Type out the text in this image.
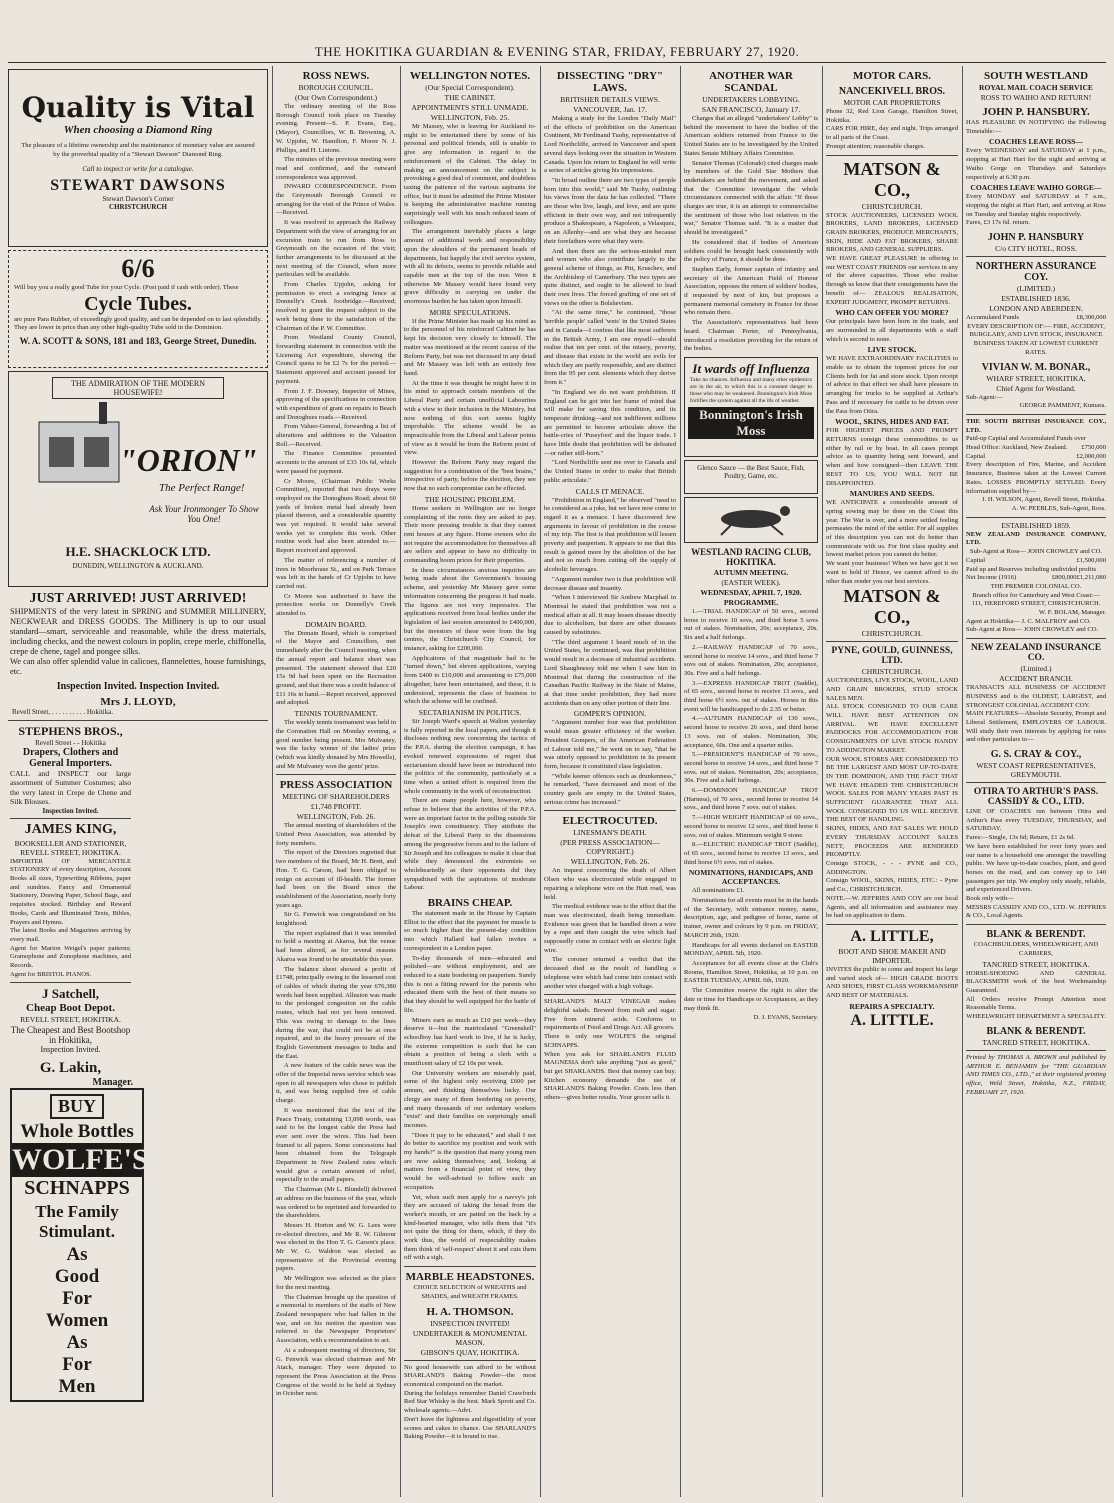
THE HOKITIKA GUARDIAN & EVENING STAR, FRIDAY, FEBRUARY 27, 1920.
Quality is Vital
When choosing a Diamond Ring
The pleasure of a lifetime ownership and the maintenance of monetary value are assured by the proverbial quality of a "Stewart Dawson" Diamond Ring.
Call to inspect or write for a catalogue.
STEWART DAWSONS
Stewart Dawson's Corner
CHRISTCHURCH
6/6
Will buy you a really good Tube for your Cycle. (Post paid if cash with order). These
Cycle Tubes.
are pure Para Rubber, of exceedingly good quality, and can be depended on to last splendidly. They are lower in price than any other high-quality Tube sold in the Dominion.
W. A. SCOTT & SONS, 181 and 183, George Street, Dunedin.
THE ADMIRATION OF THE MODERN HOUSEWIFE!
"ORION"
The Perfect Range!
Ask Your Ironmonger To Show You One!
H.E. SHACKLOCK LTD.
DUNEDIN, WELLINGTON & AUCKLAND.
JUST ARRIVED! JUST ARRIVED!
SHIPMENTS of the very latest in SPRING and SUMMER MILLINERY, NECKWEAR and DRESS GOODS. The Millinery is up to our usual standard—smart, serviceable and reasonable, while the dress materials, including checks, and the newest colours in poplin, crepe merle, chiffonella, crepe de chene, tagel and pongee silks.
We can also offer splendid value in calicoes, flannelettes, house furnishings, etc.
Inspection Invited. Inspection Invited.
Mrs J. LLOYD,
Revell Street, . . . . . . . . . . Hokitika.
STEPHENS BROS.,
Revell Street - - Hokitika
Drapers, Clothers and General Importers.
CALL and INSPECT our large assortment of Summer Costumes; also the very latest in Crepe de Chene and Silk Blouses.
Inspection Invited.
JAMES KING,
BOOKSELLER AND STATIONER, REVELL STREET, HOKITIKA.
IMPORTER OF MERCANTILE STATIONERY of every description, Account Books all sizes, Typewriting Ribbons, paper and sundries. Fancy and Ornamental Stationery, Drawing Paper, School Bags, and requisites stocked. Birthday and Reward Books, Cards and Illuminated Texts, Bibles, Prayers and Hymns.
The latest Books and Magazines arriving by every mail.
Agent for Marion Weigel's paper patterns; Gramophone and Zonophone machines, and Records.
Agent for BRISTOL PIANOS.
J Satchell,
Cheap Boot Depot.
REVELL STREET, HOKITIKA.
The Cheapest and Best Bootshop in Hokitika,
Inspection Invited.
G. Lakin,
Manager.
BUY
Whole Bottles
WOLFE'S
SCHNAPPS
The Family Stimulant.
As
Good
For
Women
As
For
Men
ROSS NEWS.
BOROUGH COUNCIL.
(Our Own Correspondent.)

The ordinary meeting of the Ross Borough Council took place on Tuesday evening. Present—S. P. Evans, Esq., (Mayor), Councillors, W. B. Browning, A. W. Upjohn, W. Hamilton, F. Moore N. J. Phillips, and H. Lintone.

The minutes of the previous meeting were read and confirmed, and the outward correspondence was approved.

INWARD CORRESPONDENCE. From the Greymouth Borough Council re arranging for the visit of the Prince of Wales.—Received.

It was resolved to approach the Railway Department with the view of arranging for an excursion train to run from Ross to Greymouth on the occasion of the visit; further arrangements to be discussed at the next meeting of the Council, when more particulars will be available.

From Charles Upjohn, asking for permission to erect a swinging fence at Donnelly's Creek footbridge.—Received; resolved to grant the request subject to the work being done to the satisfaction of the Chairman of the P. W. Committee.

From Westland County Council, forwarding statement in connection with the Licensing Act expenditure, showing the Council quota to be £2 7s for the period.—Statement approved and account passed for payment.

From J. F. Downey, Inspector of Mines, approving of the specifications in connection with expenditure of grant on repairs to Beach and Donoghues roads.—Received.

From Valuer-General, forwarding a list of alterations and additions to the Valuation Roll.—Received.

The Finance Committee presented accounts to the amount of £33 10s 6d, which were passed for payment.

Cr Moore, (Chairman Public Works Committee), reported that two drays were employed on the Donoghues Road; about 60 yards of broken metal had already been placed thereon, and a considerable quantity was yet required. It would take several weeks yet to complete this work. Other routine work had also been attended to.—Report received and approved.

The matter of referencing a number of trees in Moorhouse St., and on Park Terrace was left in the hands of Cr Upjohn to have carried out.

Cr Moore was authorised to have the protection works on Donnelly's Creek attended to.

DOMAIN BOARD.

The Domain Board, which is comprised of the Mayor and Councillors, met immediately after the Council meeting, when the annual report and balance sheet was presented. The statement showed that £20 15s 9d had been spent on the Recreation ground, and that there was a credit balance of £11 16s in hand.—Report received, approved and adopted.

TENNIS TOURNAMENT.

The weekly tennis tournament was held in the Coronation Hall on Monday evening, a good number being present. Mrs Mulvaney, was the lucky winner of the ladies' prize (which was kindly donated by Mrs Howells), and Mr Mulvaney won the gents' prize.

PRESS ASSOCIATION
MEETING OF SHAREHOLDERS
£1,748 PROFIT.
WELLINGTON, Feb. 26.

The annual meeting of shareholders of the United Press Association, was attended by forty members.

The report of the Directors regretted that two members of the Board, Mr H. Brett, and Hon. T. G. Carson, had been obliged to resign on account of ill-health. The former had been on the Board since the establishment of the Association, nearly forty years ago.

Sir G. Fenwick was congratulated on his knighthood.

The report explained that it was intended to hold a meeting at Akaroa, but the venue had been altered, as for several reasons Akaroa was found to be unsuitable this year.

The balance sheet showed a profit of £1748, principally owing to the lessened cost of cables of which during the year 676,380 words had been supplied. Allusion was made to the prolonged congestion on the cable routes, which had not yet been removed. This was owing to damage to the lines during the war, that could not be at once repaired, and to the heavy pressure of the English Government messages to India and the East.

A new feature of the cable news was the offer of the Imperial news service which was open to all newspapers who chose to publish it, and was being supplied free of cable charge.

It was mentioned that the text of the Peace Treaty, containing 13,098 words, was said to be the longest cable the Press had ever sent over the wires. This had been framed to all papers. Some concessions had been obtained from the Telegraph Department in New Zealand rates which would give a certain amount of relief, especially to the small papers.

The Chairman (Mr L. Blundell) delivered an address on the business of the year, which was ordered to be reprinted and forwarded to the shareholders.

Messrs H. Horton and W. G. Lees were re-elected directors, and Mr R. W. Gilmour was elected in the Hon T. G. Carson's place. Mr W. G. Waldron was elected as representative of the Provincial evening papers.

Mr Wellington was selected as the place for the next meeting.

The Chairman brought up the question of a memorial to members of the staffs of New Zealand newspapers who had fallen in the war, and on his motion the question was referred to the Newspaper Proprietors' Association, with a recommendation to act.

At a subsequent meeting of directors, Sir G. Fenwick was elected chairman and Mr Atack, manager. They were deputed to represent the Press Association at the Press Congress of the world to be held at Sydney in October next.

WELLINGTON NOTES.
(Our Special Correspondent).
THE CABINET.
APPOINTMENTS STILL UNMADE.
WELLINGTON, Feb. 25.

Mr Massey, who is leaving for Auckland to-night to be entertained there by some of his personal and political friends, still is unable to give any information in regard to the reinforcement of the Cabinet. The delay in making an announcement on the subject is provoking a good deal of comment, and doubtless taxing the patience of the various aspirants for office, but it must be admitted the Prime Minister is keeping the administrative machine running surprisingly well with his much reduced team of colleagues.

The arrangement inevitably places a large amount of additional work and responsibility upon the shoulders of the permanent heads of departments, but happily the civil service system, with all its defects, seems to provide reliable and capable men at the top of the tree. Were it otherwise Mr Massey would have found very grave difficulty in carrying on under the enormous burden he has taken upon himself.

MORE SPECULATIONS.

If the Prime Minister has made up his mind as to the personnel of his reinforced Cabinet he has kept his decision very closely to himself. The matter was mentioned at the recent caucus of the Reform Party, but was not discussed in any detail and Mr Massey was left with an entirely free hand.

At the time it was thought he might have it in his mind to approach certain members of the Liberal Party and certain unofficial Labourites with a view to their inclusion in the Ministry, but now nothing of this sort seems highly improbable. The scheme would be as impracticable from the Liberal and Labour points of view as it would be from the Reform point of view.

However the Reform Party may regard the suggestion for a combination of the "best brains," irrespective of party, before the election, they see now that no such compromise can be effected.

THE HOUSING PROBLEM.

Home seekers in Wellington are no longer complaining of the rents they are asked to pay. Their more pressing trouble is that they cannot rent houses at any figure. Home owners who do not require the accommodation for themselves all are sellers and appear to have no difficulty in commanding boom prices for their properties.

In these circumstances anxious inquiries are being made about the Government's housing scheme, and yesterday Mr Massey gave some information concerning the progress it had made. The figures are not very impressive. The applications received from local bodies under the legislation of last session amounted to £400,000, but the investors of these were from the big centres, the Christchurch City Council, for instance, asking for £200,000.

Applications of that magnitude had to be "turned down," but eleven applications, varying from £400 to £10,000 and amounting to £75,000 altogether, have been entertained, and these, it is understood, represents the class of business to which the scheme will be confined.

SECTARIANISM IN POLITICS.

Sir Joseph Ward's speech at Walton yesterday is fully reported in the local papers, and though it discloses nothing new concerning the tactics of the P.P.A. during the election campaign, it has evoked renewed expressions of regret that sectarianism should have been so introduced into the politics of the community, particularly at a time when a united effort is required from the whole community in the work of reconstruction.

There are many people here, however, who refuse to believe that the activities of the P.P.A. were an important factor in the polling outside Sir Joseph's own constituency. They attribute the defeat of the Liberal Party to the dissensions among the progressive forces and to the failure of Sir Joseph and his colleagues to make it clear that while they denounced the extremists so wholeheartedly as their opponents did they sympathised with the aspirations of moderate Labour.

BRAINS CHEAP.

The statement made in the House by Captain Elliot to the effect that the payment for muscle is so much higher than the present-day condition into which Hallard had fallen invites a correspondent in a London paper.

To-day thousands of men—educated and polished—are without employment, and are reduced to a state bordering on pauperism. Surely this is not a fitting reward for the parents who educated them with the best of their means so that they should be well equipped for the battle of life.

Miners earn as much as £10 per week—they deserve it—but the matriculated "Greenshell" schoolboy has hard work to live, if he is lucky, the extreme competition is such that he can obtain a position of being a clerk with a munificent salary of £2 10s per week.

Our University workers are miserably paid, some of the highest only receiving £600 per annum, and thinking themselves lucky. Our clergy are many of them bordering on poverty, and many thousands of our sedentary workers "exist" and their families on surprisingly small incomes.

"Does it pay to be educated," and shall I not do better to sacrifice my position and work with my hands?" is the question that many young men are now asking themselves; and, looking at matters from a financial point of view, they would be well-advised to follow such an occupation.

Yet, when such men apply for a navvy's job they are accused of taking the bread from the worker's mouth, or are patted on the back by a kind-hearted manager, who tells them that "it's not quite the thing for them, which, if they do work thus, the world of respectability makes them think of 'self-respect' about it and cuts them off with a sigh.

MARBLE HEADSTONES.
CHOICE SELECTION of WREATHS and SHADES, and WREATH FRAMES.
H. A. THOMSON.
INSPECTION INVITED!
UNDERTAKER & MONUMENTAL MASON.
GIBSON'S QUAY, HOKITIKA.
No good housewife can afford to be without SHARLAND'S Baking Powder—the most economical compound on the market.
During the holidays remember Daniel Crawfords Red Star Whisky is the best. Mark Sprott and Co. wholesale agents.—Advt.
Don't leave the lightness and digestibility of your scones and cakes to chance. Use SHARLAND'S Baking Powder—it is bound to rise.
DISSECTING "DRY" LAWS.
BRITISHER DETAILS VIEWS.
VANCOUVER, Jan. 17.

Making a study for the London "Daily Mail" of the effects of prohibition on the American Continent, Mr Ferdinand Tuohy, representative of Lord Northcliffe, arrived in Vancouver and spent several days looking over the situation in Western Canada. Upon his return to England he will write a series of articles giving his impressions.

"In broad outline there are two types of people born into this world," said Mr Tuohy, outlining his views from the data he has collected. "There are those who live, laugh, and love, and are quite efficient in their own way, and not infrequently produce a Shakespeare, a Napoleon, a Velasquez, on an Allenby—and are what they are because their forefathers were what they were.

And then there are the serious-minded men and women who also contribute largely to the general scheme of things, as Pitt, Kruschev, and the Archbishop of Canterbury. The two types are quite distinct, and ought to be allowed to lead their own lives. The forced grafting of one set of views on the other is Bolshevism.

"At the same time," he continued, "those 'terrible people' called 'wets' in the United States and in Canada—I confess that like most sufferers in the British Army, I am one myself—should realise that ten per cent. of the misery, poverty, and disease that exists in the world are evils for which they are partly responsible, and are distinct from the 95 per cent. elements which they derive from it."

"In England we do not want prohibition. If England can be got into her frame of mind that will make for saving this condition, and its temperate drinking—and not indifferent millions are permitted to become articulate above the battle-cries of 'Pussyfoot' and the liquor trade. I have little doubt that prohibition will be defeated—or rather still-born."

"Lord Northcliffe sent me over to Canada and the United States in order to make that British public articulate."

CALLS IT MENACE.

"Prohibition in England," he observed "need to be considered as a joke, but we have now come to regard it as a menace. I have discovered few arguments in favour of prohibition in the course of my trip. The first is that prohibition will lessen poverty and pauperism. It appears to me that this result is gained more by the abolition of the bar and not so much from cutting off the supply of alcoholic beverages.

"Argument number two is that prohibition will decrease disease and insanity.

"When I interviewed Sir Andrew Macphail in Montreal he stated that prohibition was not a medical affair at all. It may lessen disease directly due to alcoholism, but there are other diseases caused by substitutes.

"The third argument I heard much of in the United States, he continued, was that prohibition would result in a decrease of industrial accidents. Lord Shaughnessy told me when I saw him in Montreal that during the construction of the Canadian Pacific Railway in the State of Maine, at that time under prohibition, they had more accidents than on any other portion of their line.

GOMPER'S OPINION.

"Argument number four was that prohibition would mean greater efficiency of the worker. President Gompers, of the American Federation of Labour told me," he went on to say, "that he was utterly opposed to prohibition in its present form, because it constituted class legislation.

"While keener offences such as drunkenness," he remarked, "have decreased and most of the country gaols are empty in the United States, serious crime has increased."

ELECTROCUTED.
LINESMAN'S DEATH.
(PER PRESS ASSOCIATION—COPYRIGHT.)
WELLINGTON, Feb. 26.

An inquest concerning the death of Albert Olsen who was electrocuted while engaged in repairing a telephone wire on the Hutt road, was held.

The medical evidence was to the effect that the man was electrocuted, death being immediate. Evidence was given that he handled down a wire by a rope and then caught the wire which had supposedly come in contact with an electric light wire.

The coroner returned a verdict that the deceased died as the result of handling a telephone wire which had come into contact with another wire charged with a high voltage.

SHARLAND'S MALT VINEGAR makes delightful salads. Brewed from malt and sugar. Free from mineral acids. Conforms to requirements of Food and Drugs Act. All grocers.
There is only one WOLFE'S the original SCHNAPPS.
When you ask for SHARLAND'S FLUID MAGNESIA don't take anything "just as good," but get SHARLANDS. Best that money can buy. Kitchen economy demands the use of SHARLAND'S Baking Powder. Costs less than others—gives better results. Your grocer sells it.
ANOTHER WAR SCANDAL
UNDERTAKERS LOBBYING.
SAN FRANCISCO, January 17.

Charges that an alleged "undertakers' Lobby" is behind the movement to have the bodies of the American soldiers returned from France to the United States are to be investigated by the United States Senate Military Affairs Committee.

Senator Thomas (Colorado) cited charges made by members of the Gold Star Mothers that undertakers are behind the movement, and asked that the Committee investigate the whole circumstances connected with the affair. "If these charges are true, it is an attempt to commercialise the sentiment of those who lost relatives in the war," Senator Thomas said. "It is a matter that should be investigated."

He considered that if bodies of American soldiers could be brought back consistently with the policy of France, it should be done.

Stephen Early, former captain of infantry and secretary of the American Field of Honour Association, opposes the return of soldiers' bodies, if requested by next of kin, but proposes a permanent memorial cemetery in France for those who remain there.

The Association's representatives had been heard. Chairman Porter, of Pennsylvania, introduced a resolution providing for the return of the bodies.

It wards off Influenza
Take no chances. Influenza and many other epidemics are in the air, to which this is a constant danger to those who may be weakened. Bonnington's Irish Moss fortifies the system against all the ills of weather.
Bonnington's Irish Moss
Glenco Sauce — the Best Sauce, Fish, Poultry, Game, etc.
WESTLAND RACING CLUB, HOKITIKA.
AUTUMN MEETING.
(EASTER WEEK).
WEDNESDAY, APRIL 7, 1920.
PROGRAMME.

1.—TRIAL HANDICAP of 50 sovs., second horse to receive 10 sovs, and third horse 5 sovs out of stakes. Nomination, 20s; acceptance, 20s. Six and a half furlongs.

2.—RAILWAY HANDICAP of 70 sovs., second horse to receive 14 sovs., and third horse 7 sovs out of stakes. Nomination, 20s; acceptance, 30s. Five and a half furlongs.

3.—EXPRESS HANDICAP TROT (Saddle), of 65 sovs., second horse to receive 13 sovs., and third horse 6½ sovs. out of stakes. Horses in this event will be handicapped to do 2.35 or better.

4.—AUTUMN HANDICAP of 130 sovs., second horse to receive 26 sovs., and third horse 13 sovs. out of stakes. Nomination, 30s; acceptance, 60s. One and a quarter miles.

5.—PRESIDENT'S HANDICAP of 70 sovs., second horse to receive 14 sovs., and third horse 7 sovs. out of stakes. Nomination, 20s; acceptance, 30s. Five and a half furlongs.

6.—DOMINION HANDICAP TROT (Harness), of 70 sovs., second horse to receive 14 sovs., and third horse 7 sovs. out of stakes.

7.—HIGH WEIGHT HANDICAP of 60 sovs., second horse to receive 12 sovs., and third horse 6 sovs. out of stakes. Minimum weight 9 stone.

8.—ELECTRIC HANDICAP TROT (Saddle), of 65 sovs., second horse to receive 13 sovs., and third horse 6½ sovs. out of stakes.

NOMINATIONS, HANDICAPS, AND ACCEPTANCES.

All nominations £1.

Nominations for all events must be in the hands of the Secretary, with entrance money, name, description, age, and pedigree of horse, name of trainer, owner and colours by 9 p.m. on FRIDAY, MARCH 26th, 1920.

Handicaps for all events declared on EASTER MONDAY, APRIL 5th, 1920.

Acceptances for all events close at the Club's Rooms, Hamilton Street, Hokitika, at 10 p.m. on EASTER TUESDAY, APRIL 6th, 1920.

The Committee reserve the right to alter the date or time for Handicaps or Acceptances, as they may think fit.

D. J. EVANS, Secretary.
MOTOR CARS.
NANCEKIVELL BROS.
MOTOR CAR PROPRIETORS
Phone 32, Red Lion Garage, Hamilton Street, Hokitika.
CARS FOR HIRE, day and night. Trips arranged to all parts of the Coast.
Prompt attention; reasonable charges.
MATSON & CO.,
CHRISTCHURCH.
STOCK AUCTIONEERS, LICENSED WOOL BROKERS, LAND BROKERS, LICENSED GRAIN BROKERS, PRODUCE MERCHANTS, SKIN, HIDE AND FAT BROKERS, SHARE BROKERS, AND GENERAL SUPPLIERS.
WE HAVE GREAT PLEASURE in offering to our WEST COAST FRIENDS our services in any of the above capacities. Those who realise through us know that their consignments have the benefit of— ZEALOUS REALISATION, EXPERT JUDGMENT, PROMPT RETURNS.
WHO CAN OFFER YOU MORE?
Our principals have been born in the trade, and are surrounded in all departments with a staff which is second to none.
LIVE STOCK.
WE HAVE EXTRAORDINARY FACILITIES to enable us to obtain the topmost prices for our Clients both for fat and store stock. Upon receipt of advice to that effect we shall have pleasure in arranging for trucks to be supplied at Arthur's Pass and if necessary for cattle to be driven over the Pass from Otira.
WOOL, SKINS, HIDES AND FAT.
FOR HIGHEST PRICES AND PROMPT RETURNS consign these commodities to us either by rail or by boat. In all cases prompt advice as to quantity being sent forward, and when and how consigned—then LEAVE THE REST TO US; YOU WILL NOT BE DISAPPOINTED.
MANURES AND SEEDS.
WE ANTICIPATE a considerable amount of spring sowing may be done on the Coast this year. The War is over, and a more settled feeling permeates the mind of the settler. For all supplies of this description you can not do better than communicate with us. For first class quality and lowest market prices you cannot do better.
We want your business! When we have got it we want to hold it! Hence, we cannot afford to do other than render you our best services.
MATSON & CO.,
CHRISTCHURCH.
PYNE, GOULD, GUINNESS, LTD.
CHRISTCHURCH.
AUCTIONEERS, LIVE STOCK, WOOL, LAND AND GRAIN BROKERS, STUD STOCK SALES MEN.
ALL STOCK CONSIGNED TO OUR CARE WILL HAVE BEST ATTENTION ON ARRIVAL. WE HAVE EXCELLENT PADDOCKS FOR ACCOMMODATION FOR CONSIGNMENTS OF LIVE STOCK HANDY TO ADDINGTON MARKET.
OUR WOOL STORES ARE CONSIDERED TO BE THE LARGEST AND MOST UP-TO-DATE IN THE DOMINION, AND THE FACT THAT WE HAVE HEADED THE CHRISTCHURCH WOOL SALES FOR MANY YEARS PAST IS SUFFICIENT GUARANTEE THAT ALL WOOL CONSIGNED TO US WILL RECEIVE THE BEST OF HANDLING.
SKINS, HIDES, AND FAT SALES WE HOLD EVERY THURSDAY ACCOUNT SALES NETT, PROCEEDS ARE RENDERED PROMPTLY.
Consign STOCK, - - - PYNE and CO., ADDINGTON.
Consign WOOL, SKINS, HIDES, ETC.: - Pyne and Co., CHRISTCHURCH.
NOTE.—W. JEFFRIES AND COY are our local Agents, and all information and assistance may be had on application to them.
A. LITTLE,
BOOT AND SHOE MAKER AND IMPORTER.
INVITES the public to come and inspect his large and varied stock of— HIGH GRADE BOOTS AND SHOES, FIRST CLASS WORKMANSHIP AND BEST OF MATERIALS.
REPAIRS A SPECIALTY.
A. LITTLE.
SOUTH WESTLAND
ROYAL MAIL COACH SERVICE
ROSS TO WAIHO AND RETURN!
JOHN P. HANSBURY.
HAS PLEASURE IN NOTIFYING the Following Timetable:—
COACHES LEAVE ROSS—
Every WEDNESDAY and SATURDAY at 1 p.m., stopping at Hari Hari for the night and arriving at Waiho Gorge on Thursdays and Saturdays respectively at 6.30 p.m.
COACHES LEAVE WAIHO GORGE—
Every MONDAY and SATURDAY at 7 a.m., stopping the night at Hari Hari, and arriving at Ross on Tuesday and Sunday nights respectively.
Fares, £3 17s 6d. return.
JOHN P. HANSBURY
C/o CITY HOTEL, ROSS.
NORTHERN ASSURANCE COY.
(LIMITED.)
ESTABLISHED 1836.
LONDON AND ABERDEEN.
Accumulated Funds	£8,300,000
EVERY DESCRIPTION OF:— FIRE, ACCIDENT, BURGLARY, AND LIVE STOCK, INSURANCE BUSINESS TAKEN AT LOWEST CURRENT RATES.
VIVIAN W. M. BONAR.,
WHARF STREET, HOKITIKA,
Chief Agent for Westland.
Sub-Agent:—
GEORGE PAMMENT, Kumara.
THE SOUTH BRITISH INSURANCE COY., LTD.
Paid-up Capital and Accumulated Funds over
£750,000
Head Office: Auckland, New Zealand.
Capital	£2,000,000
Every description of Fire, Marine, and Accident Insurance, Business taken at the Lowest Current Rates. LOSSES PROMPTLY SETTLED. Every information supplied by—
J. H. WILSON, Agent, Revell Street, Hokitika.
A. W. PEEBLES, Sub-Agent, Ross.
ESTABLISHED 1859.
NEW ZEALAND INSURANCE COMPANY, LTD.
Sub-Agent at Ross— JOHN CROWLEY and CO.
Capital	£1,500,000
Paid up and Reserves including undivided profits
£1,211,080
Net Income (1916)	£800,000
THE PREMIER COLONIAL CO.
Branch office for Canterbury and West Coast:—
111, HEREFORD STREET, CHRISTCHURCH.
W. F. BOLAM, Manager.
Agent at Hokitika— J. C. MALFROY and CO.
Sub-Agent at Ross— JOHN CROWLEY and CO.
NEW ZEALAND INSURANCE CO.
(Limited.)
ACCIDENT BRANCH.
TRANSACTS ALL BUSINESS OF ACCIDENT BUSINESS and is the OLDEST, LARGEST, and STRONGEST COLONIAL ACCIDENT COY.
MAIN FEATURES—Absolute Security, Prompt and Liberal Settlement, EMPLOYERS OF LABOUR. Will study their own interests by applying for rates and other particulars to—
G. S. CRAY & COY.,
WEST COAST REPRESENTATIVES, GREYMOUTH.
OTIRA TO ARTHUR'S PASS. CASSIDY & CO., LTD.
LINE OF COACHES run between Otira and Arthur's Pass every TUESDAY, THURSDAY, and SATURDAY.
Fares:—Single, 13s 6d; Return, £1 2s 6d.
We have been established for over forty years and our name is a household one amongst the travelling public. We have up-to-date coaches, plant, and good horses on the road, and can convey up to 140 passengers per trip. We employ only steady, reliable, and experienced Drivers.
Book only with—
MESSRS CASSIDY AND CO., LTD. W. JEFFRIES & CO., Local Agents.
BLANK & BERENDT.
COACHBUILDERS, WHEELWRIGHT, AND CARRIERS,
TANCRED STREET, HOKITIKA.
HORSE-SHOEING AND GENERAL BLACKSMITH work of the best Workmanship Guaranteed.
All Orders receive Prompt Attention most Reasonable Terms.
WHEELWRIGHT DEPARTMENT A SPECIALITY.
BLANK & BERENDT.
TANCRED STREET, HOKITIKA.
Printed by THOMAS A. BROWN and published by ARTHUR E. BENJAMIN for "THE GUARDIAN AND TIMES CO., LTD.," at their registered printing office, Weld Street, Hokitika, N.Z., FRIDAY, FEBRUARY 27, 1920.
